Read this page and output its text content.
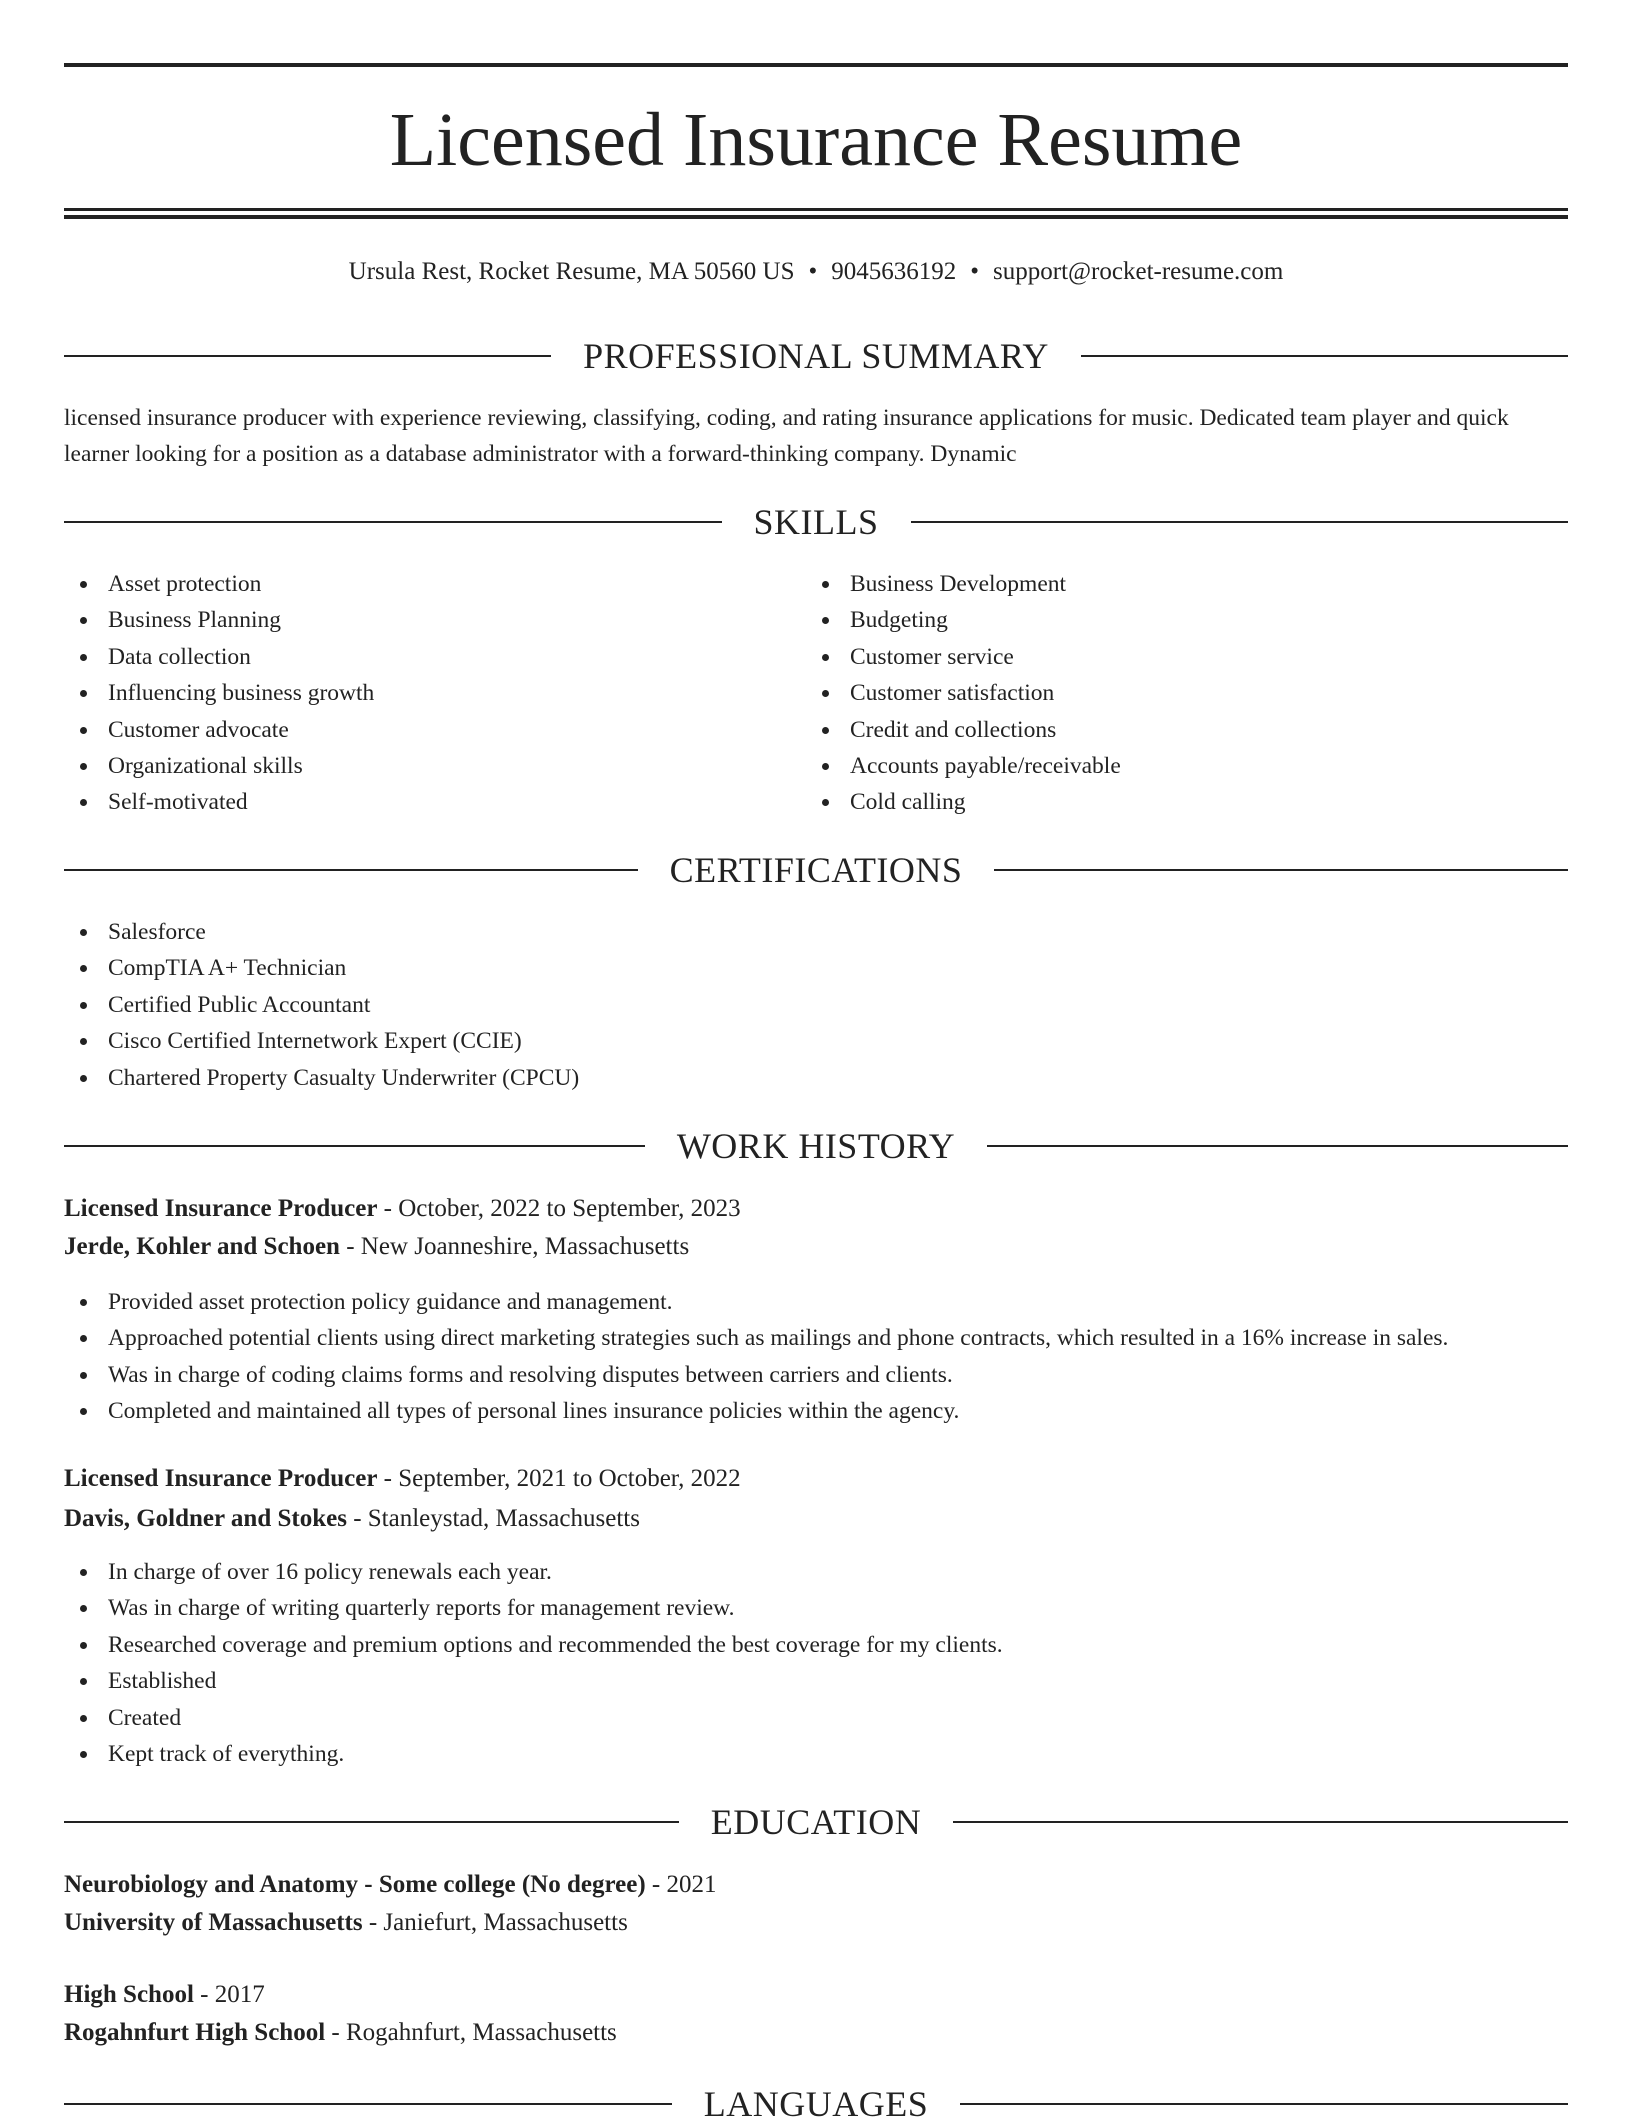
Licensed Insurance Resume
Ursula Rest, Rocket Resume, MA 50560 US • 9045636192 • support@rocket-resume.com
PROFESSIONAL SUMMARY

licensed insurance producer with experience reviewing, classifying, coding, and rating insurance applications for music. Dedicated team player and quick learner looking for a position as a database administrator with a forward-thinking company. Dynamic

SKILLS
Asset protection
Business Planning
Data collection
Influencing business growth
Customer advocate
Organizational skills
Self-motivated
Business Development
Budgeting
Customer service
Customer satisfaction
Credit and collections
Accounts payable/receivable
Cold calling
CERTIFICATIONS
Salesforce
CompTIA A+ Technician
Certified Public Accountant
Cisco Certified Internetwork Expert (CCIE)
Chartered Property Casualty Underwriter (CPCU)
WORK HISTORY
Licensed Insurance Producer - October, 2022 to September, 2023
Jerde, Kohler and Schoen - New Joanneshire, Massachusetts
Provided asset protection policy guidance and management.
Approached potential clients using direct marketing strategies such as mailings and phone contracts, which resulted in a 16% increase in sales.
Was in charge of coding claims forms and resolving disputes between carriers and clients.
Completed and maintained all types of personal lines insurance policies within the agency.
Licensed Insurance Producer - September, 2021 to October, 2022
Davis, Goldner and Stokes - Stanleystad, Massachusetts
In charge of over 16 policy renewals each year.
Was in charge of writing quarterly reports for management review.
Researched coverage and premium options and recommended the best coverage for my clients.
Established
Created
Kept track of everything.
EDUCATION
Neurobiology and Anatomy - Some college (No degree) - 2021
University of Massachusetts - Janiefurt, Massachusetts
High School - 2017
Rogahnfurt High School - Rogahnfurt, Massachusetts
LANGUAGES
